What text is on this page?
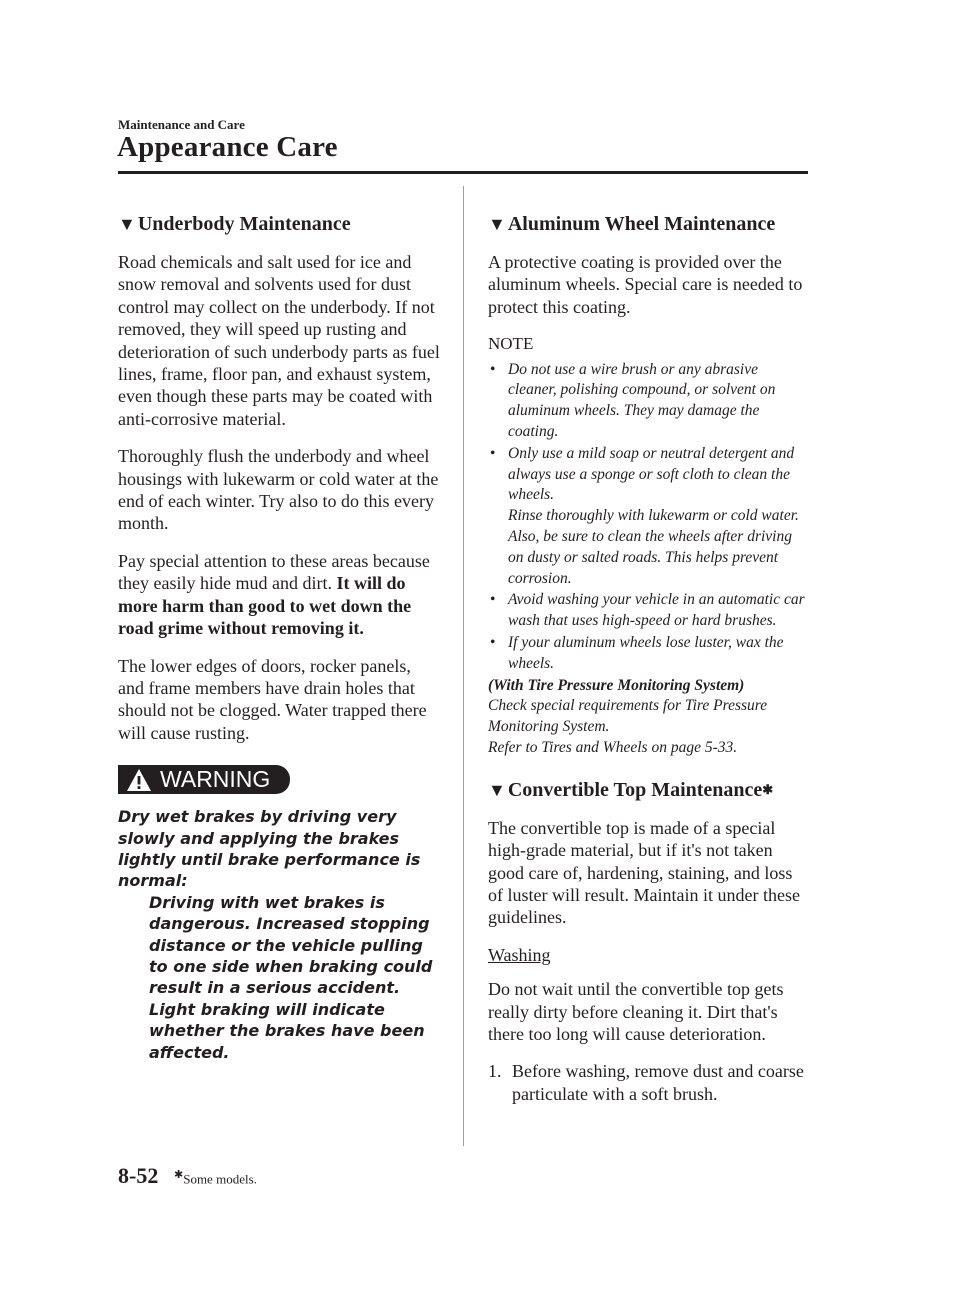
Maintenance and Care
Appearance Care
▼ Underbody Maintenance

Road chemicals and salt used for ice and snow removal and solvents used for dust control may collect on the underbody. If not removed, they will speed up rusting and deterioration of such underbody parts as fuel lines, frame, floor pan, and exhaust system, even though these parts may be coated with anti-corrosive material.

Thoroughly flush the underbody and wheel housings with lukewarm or cold water at the end of each winter. Try also to do this every month.

Pay special attention to these areas because they easily hide mud and dirt. It will do more harm than good to wet down the road grime without removing it.

The lower edges of doors, rocker panels, and frame members have drain holes that should not be clogged. Water trapped there will cause rusting.

WARNING
Dry wet brakes by driving very slowly and applying the brakes lightly until brake performance is normal:
Driving with wet brakes is dangerous. Increased stopping distance or the vehicle pulling to one side when braking could result in a serious accident. Light braking will indicate whether the brakes have been affected.
▼ Aluminum Wheel Maintenance

A protective coating is provided over the aluminum wheels. Special care is needed to protect this coating.

NOTE
• Do not use a wire brush or any abrasive cleaner, polishing compound, or solvent on aluminum wheels. They may damage the coating.
• Only use a mild soap or neutral detergent and always use a sponge or soft cloth to clean the wheels.
Rinse thoroughly with lukewarm or cold water. Also, be sure to clean the wheels after driving on dusty or salted roads. This helps prevent corrosion.
• Avoid washing your vehicle in an automatic car wash that uses high-speed or hard brushes.
• If your aluminum wheels lose luster, wax the wheels.

(With Tire Pressure Monitoring System)

Check special requirements for Tire Pressure Monitoring System.

Refer to Tires and Wheels on page 5-33.

▼ Convertible Top Maintenance ✱

The convertible top is made of a special high-grade material, but if it's not taken good care of, hardening, staining, and loss of luster will result. Maintain it under these guidelines.

Washing

Do not wait until the convertible top gets really dirty before cleaning it. Dirt that's there too long will cause deterioration.

1. Before washing, remove dust and coarse particulate with a soft brush.
8-52 ✱Some models.
